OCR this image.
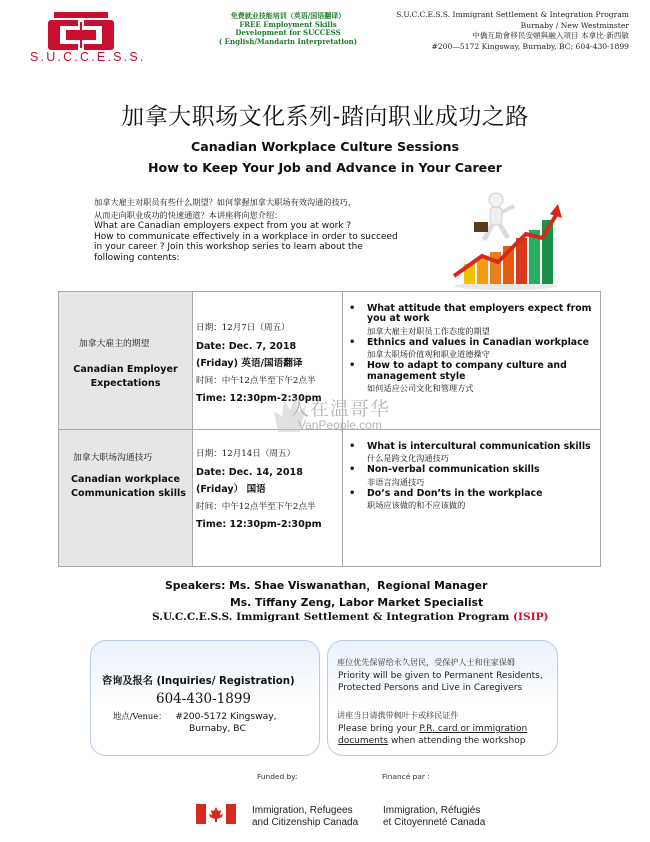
S.U.C.C.E.S.S.
免费就业技能培训（英语/国语翻译）
FREE Employment Skills
Development for SUCCESS
( English/Mandarin Interpretation)
S.U.C.C.E.S.S. Immigrant Settlement & Integration Program
Burnaby / New Westminster
中僑互助會移民安頓與融入項目 本拿比·新西敏
#200—5172 Kingsway, Burnaby, BC; 604-430-1899
加拿大职场文化系列-踏向职业成功之路
Canadian Workplace Culture Sessions
How to Keep Your Job and Advance in Your Career
加拿大雇主对职员有些什么期望？如何掌握加拿大职场有效沟通的技巧，
从而走向职业成功的快速通道？本讲座将向您介绍：
What are Canadian employers expect from you at work ?
How to communicate effectively in a workplace in order to succeed
in your career ? Join this workshop series to learn about the
following contents:
加拿大雇主的期望
Canadian Employer
Expectations
日期：12月7日（周五）
Date: Dec. 7, 2018
(Friday) 英语/国语翻译
时间：中午12点半至下午2点半
Time: 12:30pm-2:30pm
• What attitude that employers expect from you at work
加拿大雇主对职员工作态度的期望
• Ethnics and values in Canadian workplace
加拿大职场价值观和职业道德操守
• How to adapt to company culture and management style
如何适应公司文化和管理方式
加拿大职场沟通技巧
Canadian workplace
Communication skills
日期：12月14日（周五）
Date: Dec. 14, 2018
(Friday） 国语
时间：中午12点半至下午2点半
Time: 12:30pm-2:30pm
• What is intercultural communication skills
什么是跨文化沟通技巧
• Non-verbal communication skills
非语言沟通技巧
• Do’s and Don’ts in the workplace
职场应该做的和不应该做的
人在温哥华
VanPeople.com
Speakers: Ms. Shae Viswanathan，Regional Manager
Ms. Tiffany Zeng, Labor Market Specialist
S.U.C.C.E.S.S. Immigrant Settlement & Integration Program (ISIP)
咨询及报名 (Inquiries/ Registration)
604-430-1899
地点/Venue： #200-5172 Kingsway,
Burnaby, BC
座位优先保留给永久居民，受保护人士和住家保姆
Priority will be given to Permanent Residents, Protected Persons and Live in Caregivers
讲座当日请携带枫叶卡或移民证件
Please bring your P.R. card or immigration documents when attending the workshop
Funded by:	Financé par :
Immigration, Refugees
and Citizenship Canada
Immigration, Réfugiés
et Citoyenneté Canada
